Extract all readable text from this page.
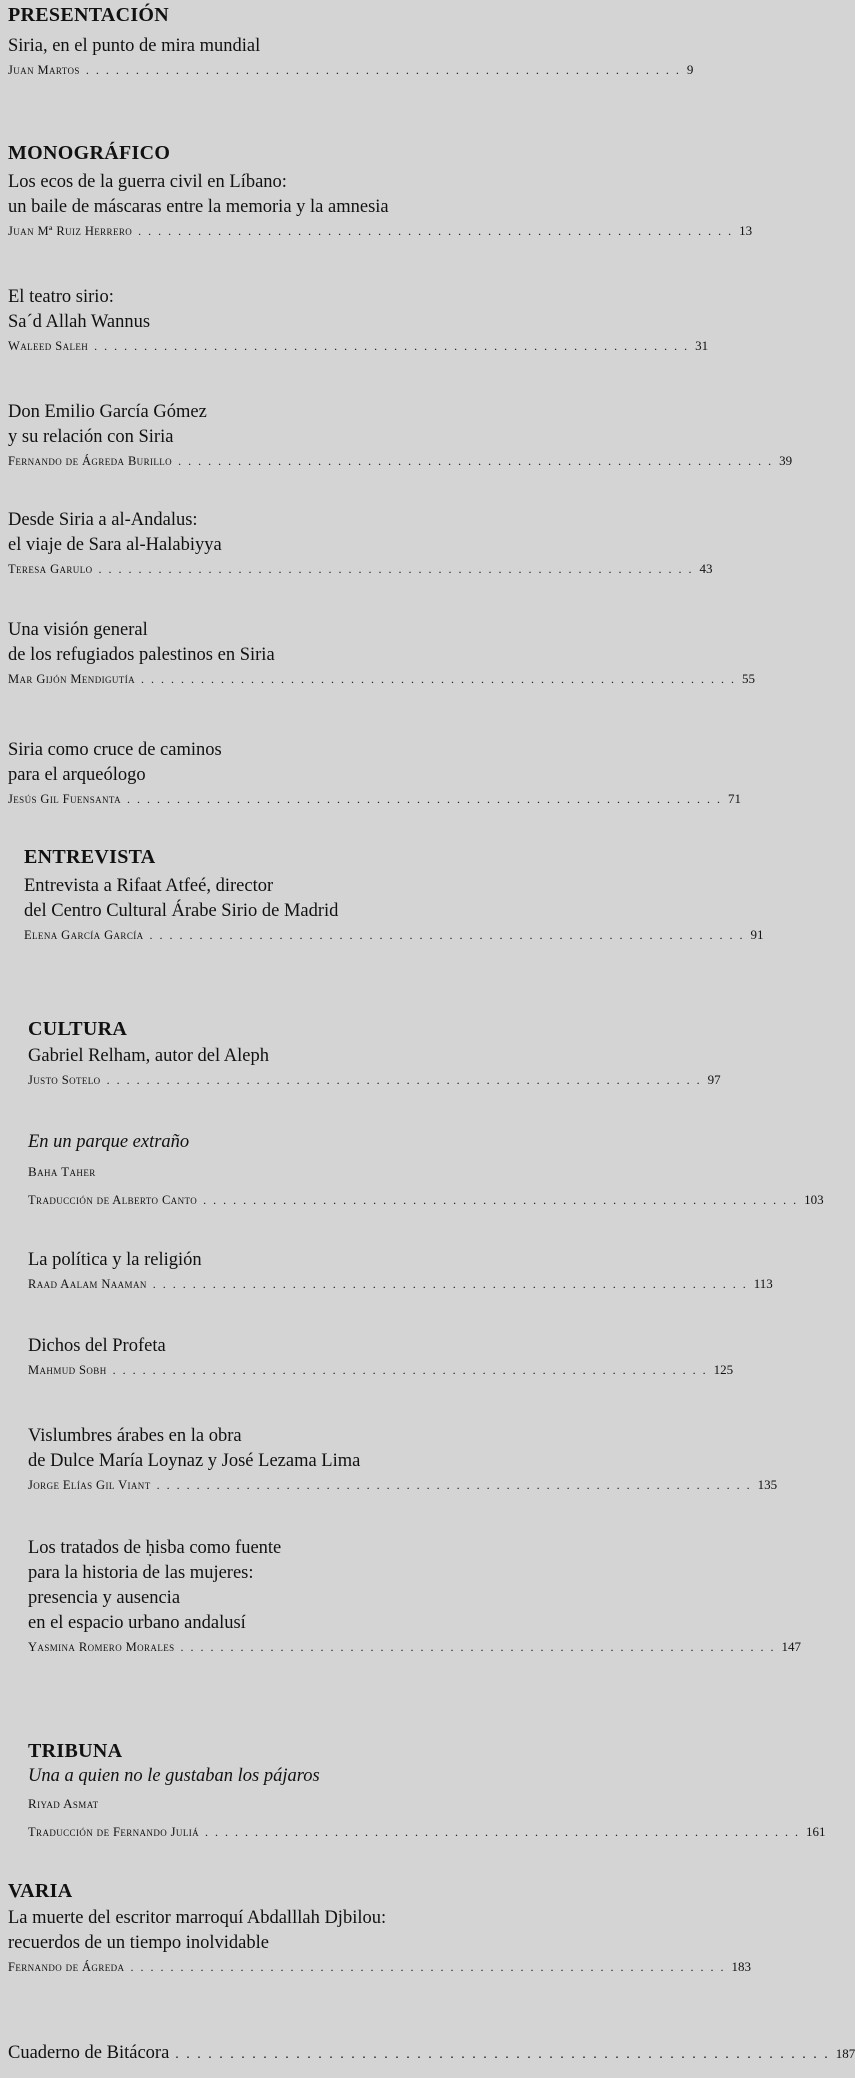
PRESENTACIÓN
Siria, en el punto de mira mundial
Juan Martos . . . . . . . . . . . . . . . . . . . . . . . . . . . . . . . . . . . . . . . . . . . . . . . . . . . . . . . . . . . . 9
MONOGRÁFICO
Los ecos de la guerra civil en Líbano:
un baile de máscaras entre la memoria y la amnesia
Juan Mª Ruiz Herrero . . . . . . . . . . . . . . . . . . . . . . . . . . . . . . . . . . . . . . . . . . . . . . . . . . . . . . . . . . . . 13
El teatro sirio:
Sa´d Allah Wannus
Waleed Saleh . . . . . . . . . . . . . . . . . . . . . . . . . . . . . . . . . . . . . . . . . . . . . . . . . . . . . . . . . . . . 31
Don Emilio García Gómez
y su relación con Siria
Fernando de Ágreda Burillo . . . . . . . . . . . . . . . . . . . . . . . . . . . . . . . . . . . . . . . . . . . . . . . . . . . . . . . . . . . . 39
Desde Siria a al-Andalus:
el viaje de Sara al-Halabiyya
Teresa Garulo . . . . . . . . . . . . . . . . . . . . . . . . . . . . . . . . . . . . . . . . . . . . . . . . . . . . . . . . . . . . 43
Una visión general
de los refugiados palestinos en Siria
Mar Gijón Mendigutía . . . . . . . . . . . . . . . . . . . . . . . . . . . . . . . . . . . . . . . . . . . . . . . . . . . . . . . . . . . . 55
Siria como cruce de caminos
para el arqueólogo
Jesús Gil Fuensanta . . . . . . . . . . . . . . . . . . . . . . . . . . . . . . . . . . . . . . . . . . . . . . . . . . . . . . . . . . . . 71
ENTREVISTA
Entrevista a Rifaat Atfeé, director
del Centro Cultural Árabe Sirio de Madrid
Elena García García . . . . . . . . . . . . . . . . . . . . . . . . . . . . . . . . . . . . . . . . . . . . . . . . . . . . . . . . . . . . 91
CULTURA
Gabriel Relham, autor del Aleph
Justo Sotelo . . . . . . . . . . . . . . . . . . . . . . . . . . . . . . . . . . . . . . . . . . . . . . . . . . . . . . . . . . . . 97
En un parque extraño
Baha Taher
Traducción de Alberto Canto . . . . . . . . . . . . . . . . . . . . . . . . . . . . . . . . . . . . . . . . . . . . . . . . . . . . . . . . . . . . 103
La política y la religión
Raad Aalam Naaman . . . . . . . . . . . . . . . . . . . . . . . . . . . . . . . . . . . . . . . . . . . . . . . . . . . . . . . . . . . . 113
Dichos del Profeta
Mahmud Sobh . . . . . . . . . . . . . . . . . . . . . . . . . . . . . . . . . . . . . . . . . . . . . . . . . . . . . . . . . . . . 125
Vislumbres árabes en la obra
de Dulce María Loynaz y José Lezama Lima
Jorge Elías Gil Viant . . . . . . . . . . . . . . . . . . . . . . . . . . . . . . . . . . . . . . . . . . . . . . . . . . . . . . . . . . . . 135
Los tratados de ḥisba como fuente
para la historia de las mujeres:
presencia y ausencia
en el espacio urbano andalusí
Yasmina Romero Morales . . . . . . . . . . . . . . . . . . . . . . . . . . . . . . . . . . . . . . . . . . . . . . . . . . . . . . . . . . . . 147
TRIBUNA
Una a quien no le gustaban los pájaros
Riyad Asmat
Traducción de Fernando Juliá . . . . . . . . . . . . . . . . . . . . . . . . . . . . . . . . . . . . . . . . . . . . . . . . . . . . . . . . . . . . 161
VARIA
La muerte del escritor marroquí Abdalllah Djbilou:
recuerdos de un tiempo inolvidable
Fernando de Ágreda . . . . . . . . . . . . . . . . . . . . . . . . . . . . . . . . . . . . . . . . . . . . . . . . . . . . . . . . . . . . 183
Cuaderno de Bitácora . . . . . . . . . . . . . . . . . . . . . . . . . . . . . . . . . . . . . . . . . . . . . . . . . . . . . . . . . . . . 187
